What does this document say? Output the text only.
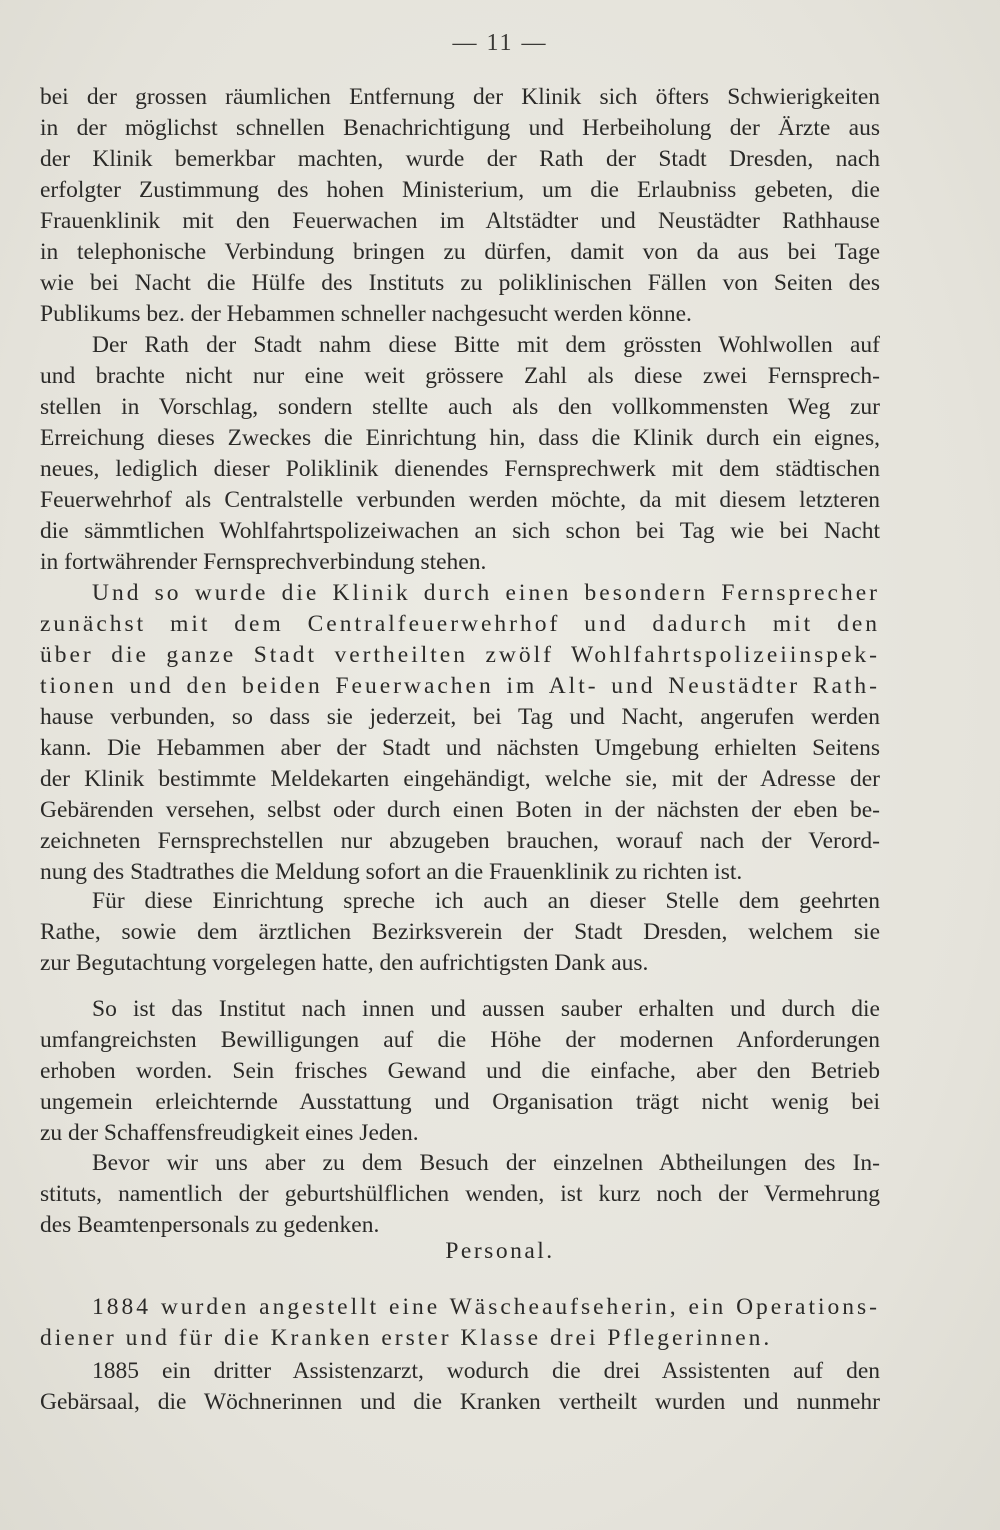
— 11 —
bei der grossen räumlichen Entfernung der Klinik sich öfters Schwierigkeiten
in der möglichst schnellen Benachrichtigung und Herbeiholung der Ärzte aus
der Klinik bemerkbar machten, wurde der Rath der Stadt Dresden, nach
erfolgter Zustimmung des hohen Ministerium, um die Erlaubniss gebeten, die
Frauenklinik mit den Feuerwachen im Altstädter und Neustädter Rathhause
in telephonische Verbindung bringen zu dürfen, damit von da aus bei Tage
wie bei Nacht die Hülfe des Instituts zu poliklinischen Fällen von Seiten des
Publikums bez. der Hebammen schneller nachgesucht werden könne.
Der Rath der Stadt nahm diese Bitte mit dem grössten Wohlwollen auf
und brachte nicht nur eine weit grössere Zahl als diese zwei Fernsprech-
stellen in Vorschlag, sondern stellte auch als den vollkommensten Weg zur
Erreichung dieses Zweckes die Einrichtung hin, dass die Klinik durch ein eignes,
neues, lediglich dieser Poliklinik dienendes Fernsprechwerk mit dem städtischen
Feuerwehrhof als Centralstelle verbunden werden möchte, da mit diesem letzteren
die sämmtlichen Wohlfahrtspolizeiwachen an sich schon bei Tag wie bei Nacht
in fortwährender Fernsprechverbindung stehen.
Und so wurde die Klinik durch einen besondern Fernsprecher
zunächst mit dem Centralfeuerwehrhof und dadurch mit den
über die ganze Stadt vertheilten zwölf Wohlfahrtspolizeiinspek-
tionen und den beiden Feuerwachen im Alt- und Neustädter Rath-
hause verbunden, so dass sie jederzeit, bei Tag und Nacht, angerufen werden
kann. Die Hebammen aber der Stadt und nächsten Umgebung erhielten Seitens
der Klinik bestimmte Meldekarten eingehändigt, welche sie, mit der Adresse der
Gebärenden versehen, selbst oder durch einen Boten in der nächsten der eben be-
zeichneten Fernsprechstellen nur abzugeben brauchen, worauf nach der Verord-
nung des Stadtrathes die Meldung sofort an die Frauenklinik zu richten ist.
Für diese Einrichtung spreche ich auch an dieser Stelle dem geehrten
Rathe, sowie dem ärztlichen Bezirksverein der Stadt Dresden, welchem sie
zur Begutachtung vorgelegen hatte, den aufrichtigsten Dank aus.
So ist das Institut nach innen und aussen sauber erhalten und durch die
umfangreichsten Bewilligungen auf die Höhe der modernen Anforderungen
erhoben worden. Sein frisches Gewand und die einfache, aber den Betrieb
ungemein erleichternde Ausstattung und Organisation trägt nicht wenig bei
zu der Schaffensfreudigkeit eines Jeden.
Bevor wir uns aber zu dem Besuch der einzelnen Abtheilungen des In-
stituts, namentlich der geburtshülflichen wenden, ist kurz noch der Vermehrung
des Beamtenpersonals zu gedenken.
Personal.
1884 wurden angestellt eine Wäscheaufseherin, ein Operations-
diener und für die Kranken erster Klasse drei Pflegerinnen.
1885 ein dritter Assistenzarzt, wodurch die drei Assistenten auf den
Gebärsaal, die Wöchnerinnen und die Kranken vertheilt wurden und nunmehr
